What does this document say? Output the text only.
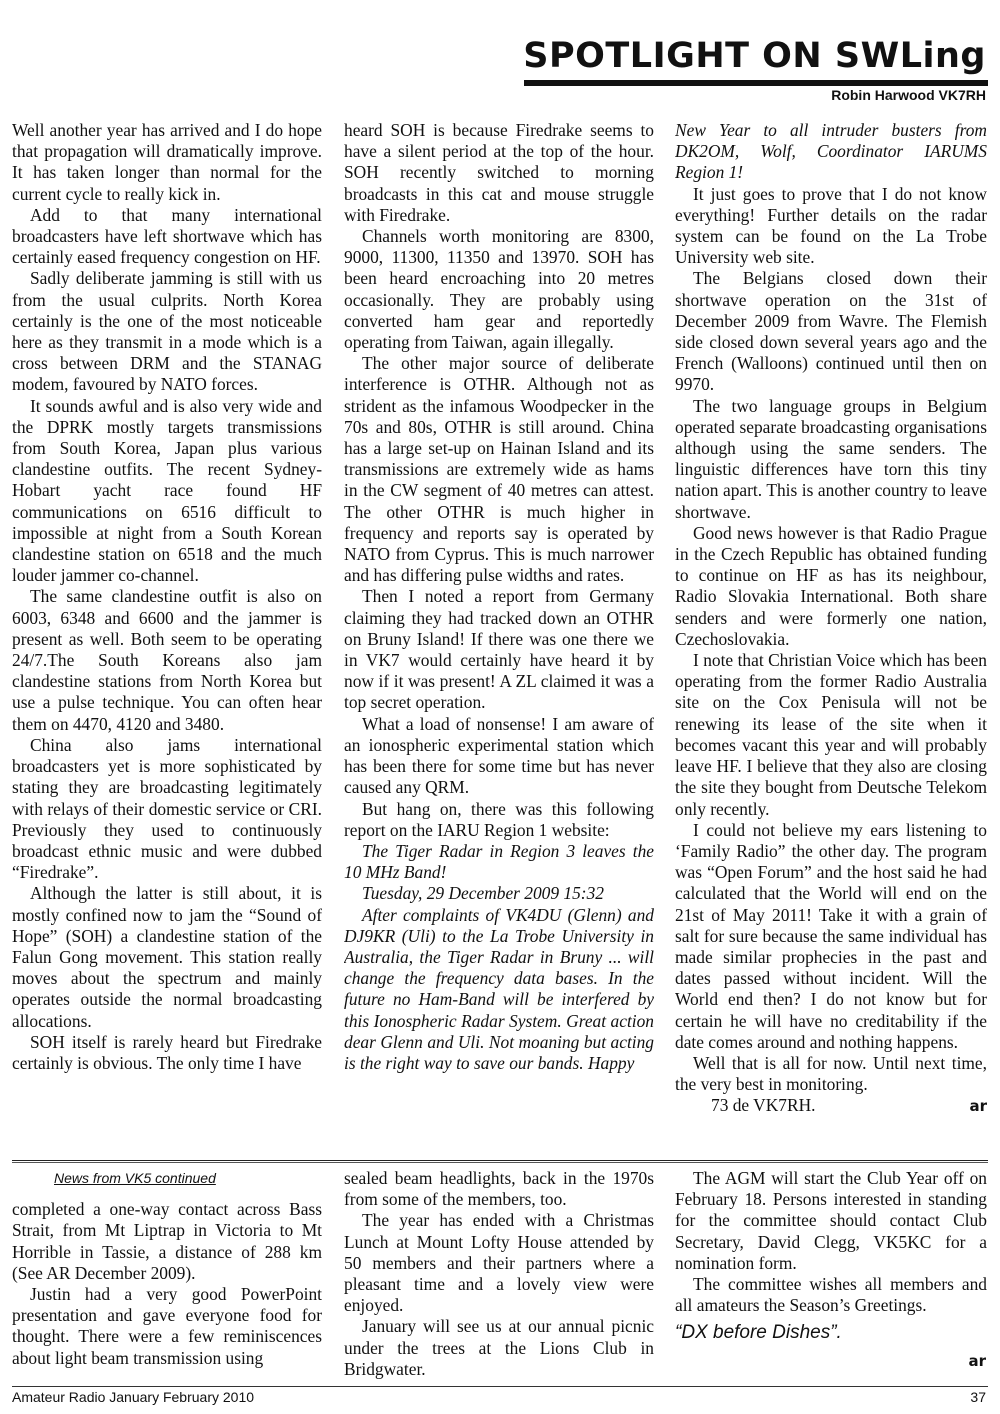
SPOTLIGHT ON SWLing
Robin Harwood VK7RH

Well another year has arrived and I do hope that propagation will dramatically improve. It has taken longer than normal for the current cycle to really kick in.

Add to that many international broadcasters have left shortwave which has certainly eased frequency congestion on HF.

Sadly deliberate jamming is still with us from the usual culprits. North Korea certainly is the one of the most noticeable here as they transmit in a mode which is a cross between DRM and the STANAG modem, favoured by NATO forces.

It sounds awful and is also very wide and the DPRK mostly targets transmissions from South Korea, Japan plus various clandestine outfits. The recent Sydney-Hobart yacht race found HF communications on 6516 difficult to impossible at night from a South Korean clandestine station on 6518 and the much louder jammer co-channel.

The same clandestine outfit is also on 6003, 6348 and 6600 and the jammer is present as well. Both seem to be operating 24/7.The South Koreans also jam clandestine stations from North Korea but use a pulse technique. You can often hear them on 4470, 4120 and 3480.

China also jams international broadcasters yet is more sophisticated by stating they are broadcasting legitimately with relays of their domestic service or CRI. Previously they used to continuously broadcast ethnic music and were dubbed “Firedrake”.

Although the latter is still about, it is mostly confined now to jam the “Sound of Hope” (SOH) a clandestine station of the Falun Gong movement. This station really moves about the spectrum and mainly operates outside the normal broadcasting allocations.

SOH itself is rarely heard but Firedrake certainly is obvious. The only time I have

heard SOH is because Firedrake seems to have a silent period at the top of the hour. SOH recently switched to morning broadcasts in this cat and mouse struggle with Firedrake.

Channels worth monitoring are 8300, 9000, 11300, 11350 and 13970. SOH has been heard encroaching into 20 metres occasionally. They are probably using converted ham gear and reportedly operating from Taiwan, again illegally.

The other major source of deliberate interference is OTHR. Although not as strident as the infamous Woodpecker in the 70s and 80s, OTHR is still around. China has a large set-up on Hainan Island and its transmissions are extremely wide as hams in the CW segment of 40 metres can attest. The other OTHR is much higher in frequency and reports say is operated by NATO from Cyprus. This is much narrower and has differing pulse widths and rates.

Then I noted a report from Germany claiming they had tracked down an OTHR on Bruny Island! If there was one there we in VK7 would certainly have heard it by now if it was present! A ZL claimed it was a top secret operation.

What a load of nonsense! I am aware of an ionospheric experimental station which has been there for some time but has never caused any QRM.

But hang on, there was this following report on the IARU Region 1 website:

The Tiger Radar in Region 3 leaves the 10 MHz Band!

Tuesday, 29 December 2009 15:32

After complaints of VK4DU (Glenn) and DJ9KR (Uli) to the La Trobe University in Australia, the Tiger Radar in Bruny ... will change the frequency data bases. In the future no Ham-Band will be interfered by this Ionospheric Radar System. Great action dear Glenn and Uli. Not moaning but acting is the right way to save our bands. Happy

New Year to all intruder busters from DK2OM, Wolf, Coordinator IARUMS Region 1!

It just goes to prove that I do not know everything! Further details on the radar system can be found on the La Trobe University web site.

The Belgians closed down their shortwave operation on the 31st of December 2009 from Wavre. The Flemish side closed down several years ago and the French (Walloons) continued until then on 9970.

The two language groups in Belgium operated separate broadcasting organisations although using the same senders. The linguistic differences have torn this tiny nation apart. This is another country to leave shortwave.

Good news however is that Radio Prague in the Czech Republic has obtained funding to continue on HF as has its neighbour, Radio Slovakia International. Both share senders and were formerly one nation, Czechoslovakia.

I note that Christian Voice which has been operating from the former Radio Australia site on the Cox Penisula will not be renewing its lease of the site when it becomes vacant this year and will probably leave HF. I believe that they also are closing the site they bought from Deutsche Telekom only recently.

I could not believe my ears listening to ‘Family Radio” the other day. The program was “Open Forum” and the host said he had calculated that the World will end on the 21st of May 2011! Take it with a grain of salt for sure because the same individual has made similar prophecies in the past and dates passed without incident. Will the World end then? I do not know but for certain he will have no creditability if the date comes around and nothing happens.

Well that is all for now. Until next time, the very best in monitoring.

73 de VK7RH.	ar

News from VK5 continued

completed a one-way contact across Bass Strait, from Mt Liptrap in Victoria to Mt Horrible in Tassie, a distance of 288 km (See AR December 2009).

Justin had a very good PowerPoint presentation and gave everyone food for thought. There were a few reminiscences about light beam transmission using

sealed beam headlights, back in the 1970s from some of the members, too.

The year has ended with a Christmas Lunch at Mount Lofty House attended by 50 members and their partners where a pleasant time and a lovely view were enjoyed.

January will see us at our annual picnic under the trees at the Lions Club in Bridgwater.

The AGM will start the Club Year off on February 18. Persons interested in standing for the committee should contact Club Secretary, David Clegg, VK5KC for a nomination form.

The committee wishes all members and all amateurs the Season’s Greetings.

“DX before Dishes”.

ar
Amateur Radio January February 2010	37
